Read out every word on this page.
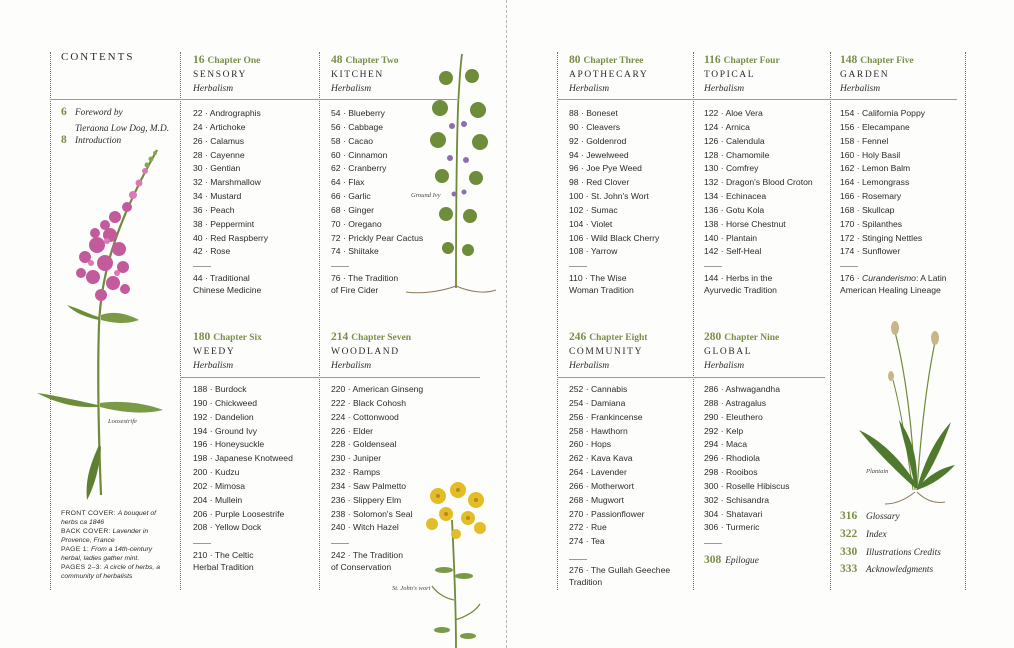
CONTENTS
6 Foreword by
Tieraona Low Dog, M.D.
8 Introduction
FRONT COVER: A bouquet of herbs ca 1846
BACK COVER: Lavender in Provence, France
PAGE 1: From a 14th-century herbal, ladies gather mint.
PAGES 2–3: A circle of herbs, a community of herbalists
16 Chapter One
SENSORY
Herbalism
48 Chapter Two
KITCHEN
Herbalism
80 Chapter Three
APOTHECARY
Herbalism
116 Chapter Four
TOPICAL
Herbalism
148 Chapter Five
GARDEN
Herbalism
180 Chapter Six
WEEDY
Herbalism
214 Chapter Seven
WOODLAND
Herbalism
246 Chapter Eight
COMMUNITY
Herbalism
280 Chapter Nine
GLOBAL
Herbalism
22 · Andrographis
24 · Artichoke
26 · Calamus
28 · Cayenne
30 · Gentian
32 · Marshmallow
34 · Mustard
36 · Peach
38 · Peppermint
40 · Red Raspberry
42 · Rose
54 · Blueberry
56 · Cabbage
58 · Cacao
60 · Cinnamon
62 · Cranberry
64 · Flax
66 · Garlic
68 · Ginger
70 · Oregano
72 · Prickly Pear Cactus
74 · Shiitake
88 · Boneset
90 · Cleavers
92 · Goldenrod
94 · Jewelweed
96 · Joe Pye Weed
98 · Red Clover
100 · St. John's Wort
102 · Sumac
104 · Violet
106 · Wild Black Cherry
108 · Yarrow
122 · Aloe Vera
124 · Arnica
126 · Calendula
128 · Chamomile
130 · Comfrey
132 · Dragon's Blood Croton
134 · Echinacea
136 · Gotu Kola
138 · Horse Chestnut
140 · Plantain
142 · Self-Heal
154 · California Poppy
156 · Elecampane
158 · Fennel
160 · Holy Basil
162 · Lemon Balm
164 · Lemongrass
166 · Rosemary
168 · Skullcap
170 · Spilanthes
172 · Stinging Nettles
174 · Sunflower
188 · Burdock
190 · Chickweed
192 · Dandelion
194 · Ground Ivy
196 · Honeysuckle
198 · Japanese Knotweed
200 · Kudzu
202 · Mimosa
204 · Mullein
206 · Purple Loosestrife
208 · Yellow Dock
220 · American Ginseng
222 · Black Cohosh
224 · Cottonwood
226 · Elder
228 · Goldenseal
230 · Juniper
232 · Ramps
234 · Saw Palmetto
236 · Slippery Elm
238 · Solomon's Seal
240 · Witch Hazel
252 · Cannabis
254 · Damiana
256 · Frankincense
258 · Hawthorn
260 · Hops
262 · Kava Kava
264 · Lavender
266 · Motherwort
268 · Mugwort
270 · Passionflower
272 · Rue
274 · Tea
286 · Ashwagandha
288 · Astragalus
290 · Eleuthero
292 · Kelp
294 · Maca
296 · Rhodiola
298 · Rooibos
300 · Roselle Hibiscus
302 · Schisandra
304 · Shatavari
306 · Turmeric
44 · Traditional
Chinese Medicine
76 · The Tradition
of Fire Cider
110 · The Wise
Woman Tradition
144 · Herbs in the
Ayurvedic Tradition
176 · Curanderismo: A Latin
American Healing Lineage
210 · The Celtic
Herbal Tradition
242 · The Tradition
of Conservation	276 · The Gullah Geechee
Tradition
308 Epilogue
316 Glossary
322 Index
330 Illustrations Credits
333 Acknowledgments
Loosestrife
Ground Ivy
St. John's wort
Plantain
